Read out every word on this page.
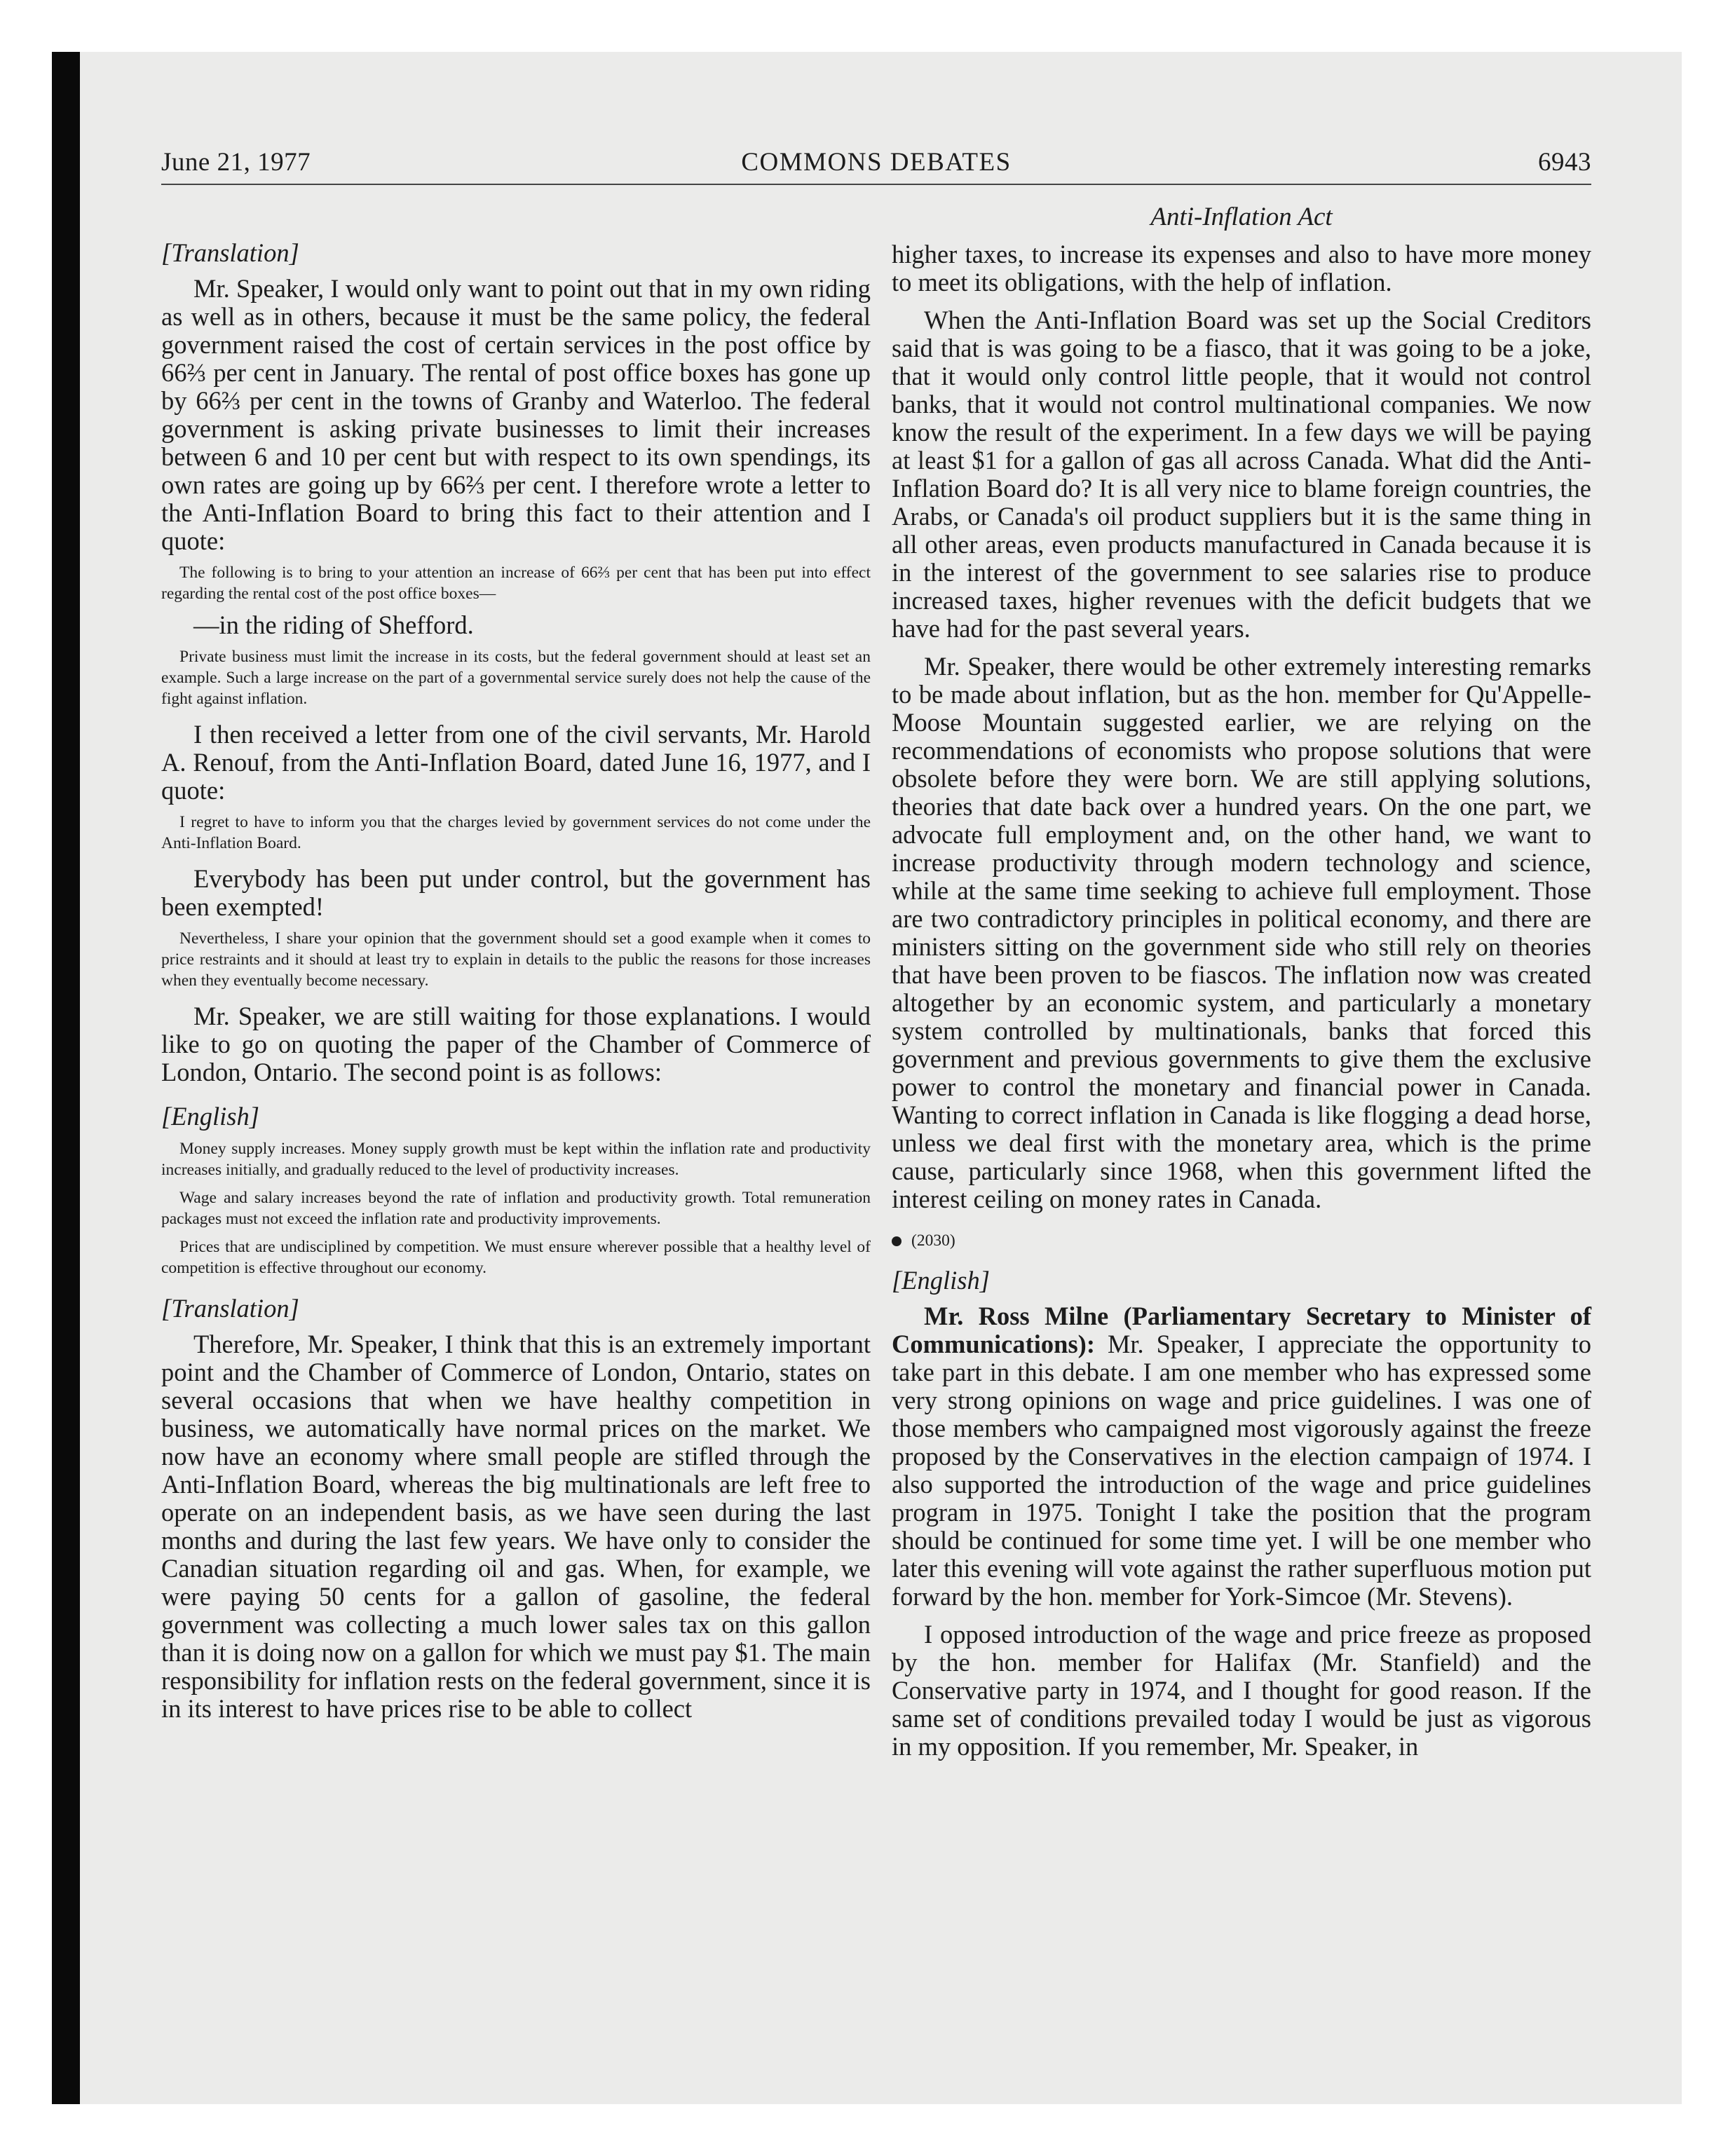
June 21, 1977	COMMONS DEBATES	6943
[Translation]

Mr. Speaker, I would only want to point out that in my own riding as well as in others, because it must be the same policy, the federal government raised the cost of certain services in the post office by 66⅔ per cent in January. The rental of post office boxes has gone up by 66⅔ per cent in the towns of Granby and Waterloo. The federal government is asking private businesses to limit their increases between 6 and 10 per cent but with respect to its own spendings, its own rates are going up by 66⅔ per cent. I therefore wrote a letter to the Anti-Inflation Board to bring this fact to their attention and I quote:

The following is to bring to your attention an increase of 66⅔ per cent that has been put into effect regarding the rental cost of the post office boxes—

—in the riding of Shefford.

Private business must limit the increase in its costs, but the federal government should at least set an example. Such a large increase on the part of a governmental service surely does not help the cause of the fight against inflation.

I then received a letter from one of the civil servants, Mr. Harold A. Renouf, from the Anti-Inflation Board, dated June 16, 1977, and I quote:

I regret to have to inform you that the charges levied by government services do not come under the Anti-Inflation Board.

Everybody has been put under control, but the government has been exempted!

Nevertheless, I share your opinion that the government should set a good example when it comes to price restraints and it should at least try to explain in details to the public the reasons for those increases when they eventually become necessary.

Mr. Speaker, we are still waiting for those explanations. I would like to go on quoting the paper of the Chamber of Commerce of London, Ontario. The second point is as follows:

[English]

Money supply increases. Money supply growth must be kept within the inflation rate and productivity increases initially, and gradually reduced to the level of productivity increases.

Wage and salary increases beyond the rate of inflation and productivity growth. Total remuneration packages must not exceed the inflation rate and productivity improvements.

Prices that are undisciplined by competition. We must ensure wherever possible that a healthy level of competition is effective throughout our economy.

[Translation]

Therefore, Mr. Speaker, I think that this is an extremely important point and the Chamber of Commerce of London, Ontario, states on several occasions that when we have healthy competition in business, we automatically have normal prices on the market. We now have an economy where small people are stifled through the Anti-Inflation Board, whereas the big multinationals are left free to operate on an independent basis, as we have seen during the last months and during the last few years. We have only to consider the Canadian situation regarding oil and gas. When, for example, we were paying 50 cents for a gallon of gasoline, the federal government was collecting a much lower sales tax on this gallon than it is doing now on a gallon for which we must pay $1. The main responsibility for inflation rests on the federal government, since it is in its interest to have prices rise to be able to collect

Anti-Inflation Act

higher taxes, to increase its expenses and also to have more money to meet its obligations, with the help of inflation.

When the Anti-Inflation Board was set up the Social Creditors said that is was going to be a fiasco, that it was going to be a joke, that it would only control little people, that it would not control banks, that it would not control multinational companies. We now know the result of the experiment. In a few days we will be paying at least $1 for a gallon of gas all across Canada. What did the Anti-Inflation Board do? It is all very nice to blame foreign countries, the Arabs, or Canada's oil product suppliers but it is the same thing in all other areas, even products manufactured in Canada because it is in the interest of the government to see salaries rise to produce increased taxes, higher revenues with the deficit budgets that we have had for the past several years.

Mr. Speaker, there would be other extremely interesting remarks to be made about inflation, but as the hon. member for Qu'Appelle-Moose Mountain suggested earlier, we are relying on the recommendations of economists who propose solutions that were obsolete before they were born. We are still applying solutions, theories that date back over a hundred years. On the one part, we advocate full employment and, on the other hand, we want to increase productivity through modern technology and science, while at the same time seeking to achieve full employment. Those are two contradictory principles in political economy, and there are ministers sitting on the government side who still rely on theories that have been proven to be fiascos. The inflation now was created altogether by an economic system, and particularly a monetary system controlled by multinationals, banks that forced this government and previous governments to give them the exclusive power to control the monetary and financial power in Canada. Wanting to correct inflation in Canada is like flogging a dead horse, unless we deal first with the monetary area, which is the prime cause, particularly since 1968, when this government lifted the interest ceiling on money rates in Canada.

(2030)
[English]

Mr. Ross Milne (Parliamentary Secretary to Minister of Communications): Mr. Speaker, I appreciate the opportunity to take part in this debate. I am one member who has expressed some very strong opinions on wage and price guidelines. I was one of those members who campaigned most vigorously against the freeze proposed by the Conservatives in the election campaign of 1974. I also supported the introduction of the wage and price guidelines program in 1975. Tonight I take the position that the program should be continued for some time yet. I will be one member who later this evening will vote against the rather superfluous motion put forward by the hon. member for York-Simcoe (Mr. Stevens).

I opposed introduction of the wage and price freeze as proposed by the hon. member for Halifax (Mr. Stanfield) and the Conservative party in 1974, and I thought for good reason. If the same set of conditions prevailed today I would be just as vigorous in my opposition. If you remember, Mr. Speaker, in
